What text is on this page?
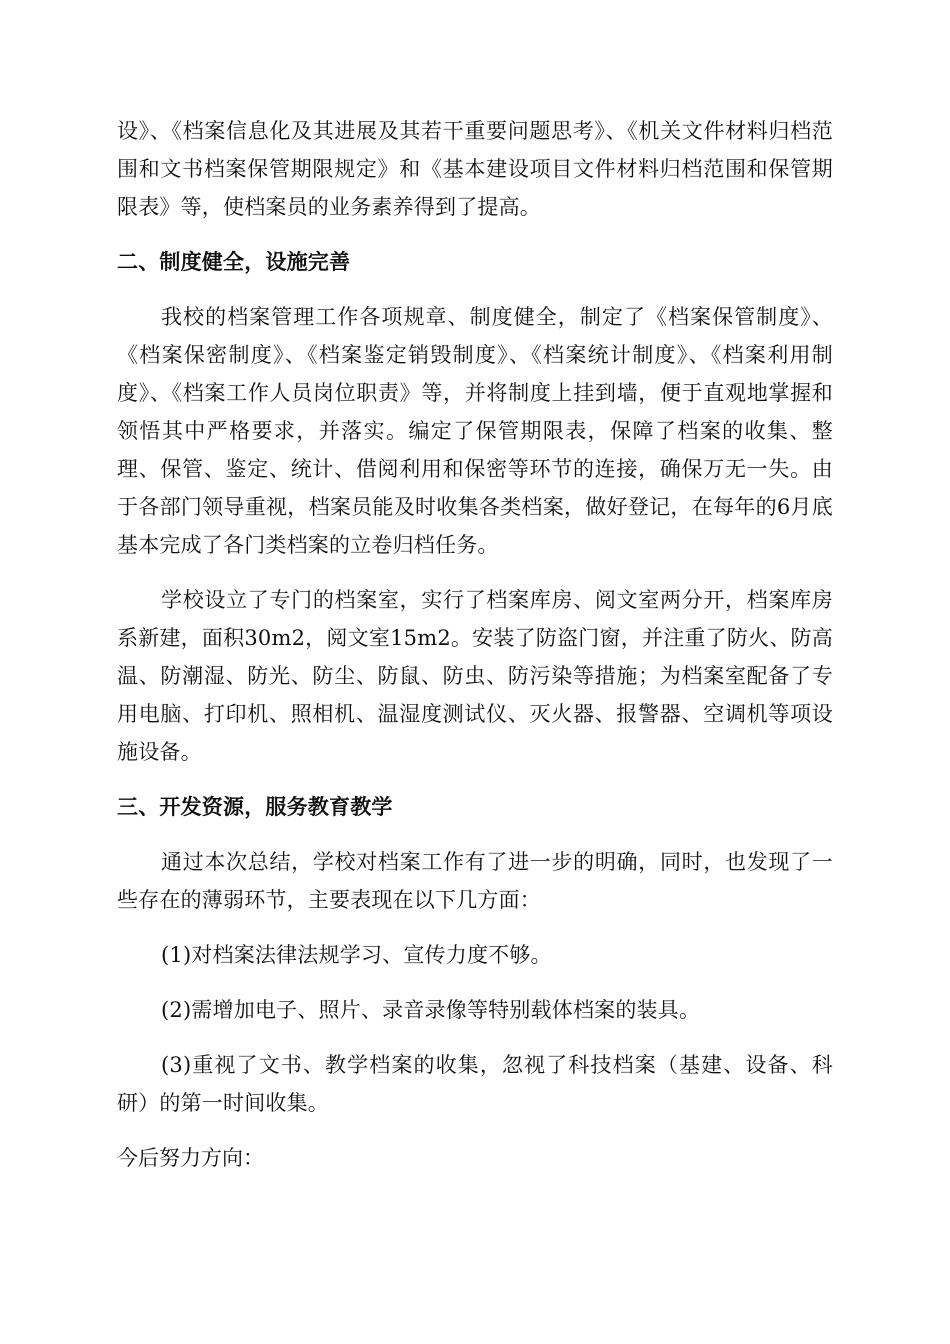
设》、《档案信息化及其进展及其若干重要问题思考》、《机关文件材料归档范围和文书档案保管期限规定》和《基本建设项目文件材料归档范围和保管期限表》等，使档案员的业务素养得到了提高。

二、制度健全，设施完善

我校的档案管理工作各项规章、制度健全，制定了《档案保管制度》、《档案保密制度》、《档案鉴定销毁制度》、《档案统计制度》、《档案利用制度》、《档案工作人员岗位职责》等，并将制度上挂到墙，便于直观地掌握和领悟其中严格要求，并落实。编定了保管期限表，保障了档案的收集、整理、保管、鉴定、统计、借阅利用和保密等环节的连接，确保万无一失。由于各部门领导重视，档案员能及时收集各类档案，做好登记，在每年的6月底基本完成了各门类档案的立卷归档任务。

学校设立了专门的档案室，实行了档案库房、阅文室两分开，档案库房系新建，面积30m2，阅文室15m2。安装了防盗门窗，并注重了防火、防高温、防潮湿、防光、防尘、防鼠、防虫、防污染等措施；为档案室配备了专用电脑、打印机、照相机、温湿度测试仪、灭火器、报警器、空调机等项设施设备。

三、开发资源，服务教育教学

通过本次总结，学校对档案工作有了进一步的明确，同时，也发现了一些存在的薄弱环节，主要表现在以下几方面：

(1)对档案法律法规学习、宣传力度不够。

(2)需增加电子、照片、录音录像等特别载体档案的装具。

(3)重视了文书、教学档案的收集，忽视了科技档案（基建、设备、科研）的第一时间收集。

今后努力方向：
